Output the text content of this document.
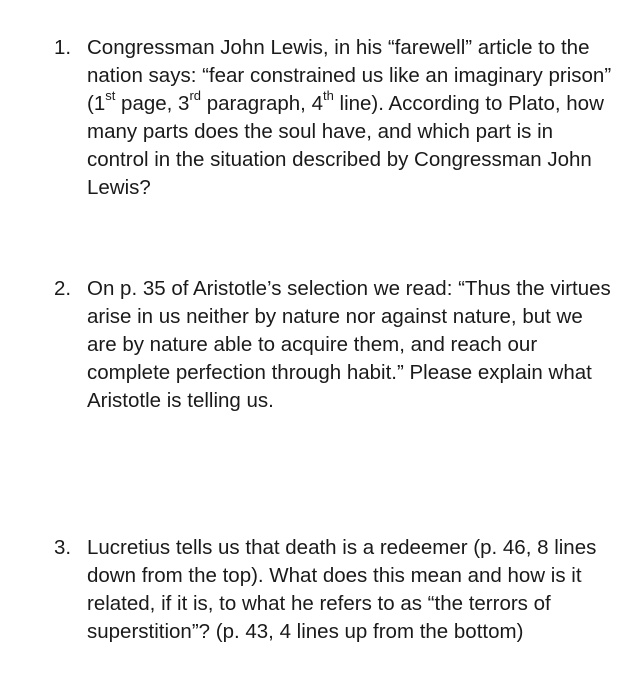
1. Congressman John Lewis, in his “farewell” article to the nation says: “fear constrained us like an imaginary prison” (1st page, 3rd paragraph, 4th line). According to Plato, how many parts does the soul have, and which part is in control in the situation described by Congressman John Lewis?
2. On p. 35 of Aristotle’s selection we read: “Thus the virtues arise in us neither by nature nor against nature, but we are by nature able to acquire them, and reach our complete perfection through habit.” Please explain what Aristotle is telling us.
3. Lucretius tells us that death is a redeemer (p. 46, 8 lines down from the top). What does this mean and how is it related, if it is, to what he refers to as “the terrors of superstition”? (p. 43, 4 lines up from the bottom)
